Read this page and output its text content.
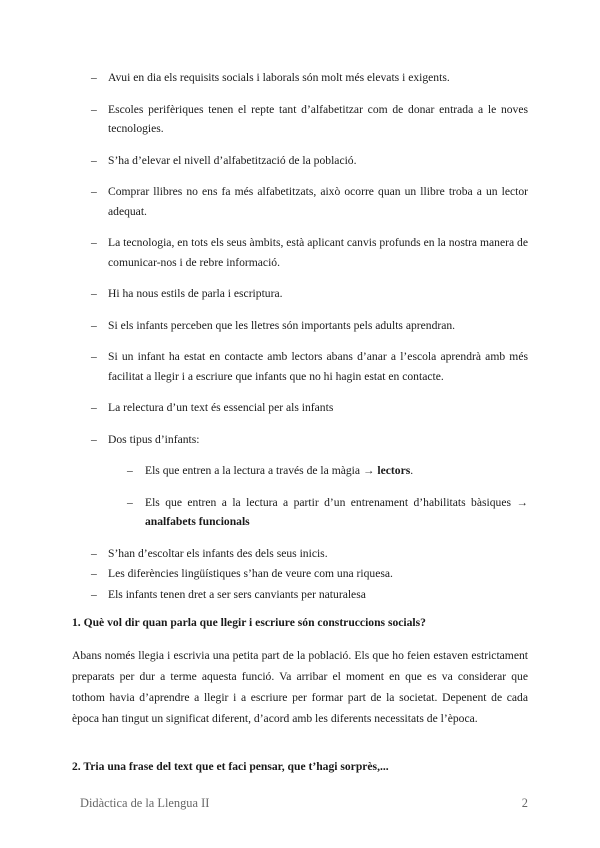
– Avui en dia els requisits socials i laborals són molt més elevats i exigents.
– Escoles perifèriques tenen el repte tant d’alfabetitzar com de donar entrada a le noves tecnologies.
– S’ha d’elevar el nivell d’alfabetització de la població.
– Comprar llibres no ens fa més alfabetitzats, això ocorre quan un llibre troba a un lector adequat.
– La tecnologia, en tots els seus àmbits, està aplicant canvis profunds en la nostra manera de comunicar-nos i de rebre informació.
– Hi ha nous estils de parla i escriptura.
– Si els infants perceben que les lletres són importants pels adults aprendran.
– Si un infant ha estat en contacte amb lectors abans d’anar a l’escola aprendrà amb més facilitat a llegir i a escriure que infants que no hi hagin estat en contacte.
– La relectura d’un text és essencial per als infants
– Dos tipus d’infants:
– Els que entren a la lectura a través de la màgia → lectors.
– Els que entren a la lectura a partir d’un entrenament d’habilitats bàsiques → analfabets funcionals
– S’han d’escoltar els infants des dels seus inicis.
– Les diferències lingüístiques s’han de veure com una riquesa.
– Els infants tenen dret a ser sers canviants per naturalesa
1. Què vol dir quan parla que llegir i escriure són construccions socials?
Abans només llegia i escrivia una petita part de la població. Els que ho feien estaven estrictament preparats per dur a terme aquesta funció. Va arribar el moment en que es va considerar que tothom havia d’aprendre a llegir i a escriure per formar part de la societat. Depenent de cada època han tingut un significat diferent, d’acord amb les diferents necessitats de l’època.
2. Tria una frase del text que et faci pensar, que t’hagi sorprès,...
Didàctica de la Llengua II	2
